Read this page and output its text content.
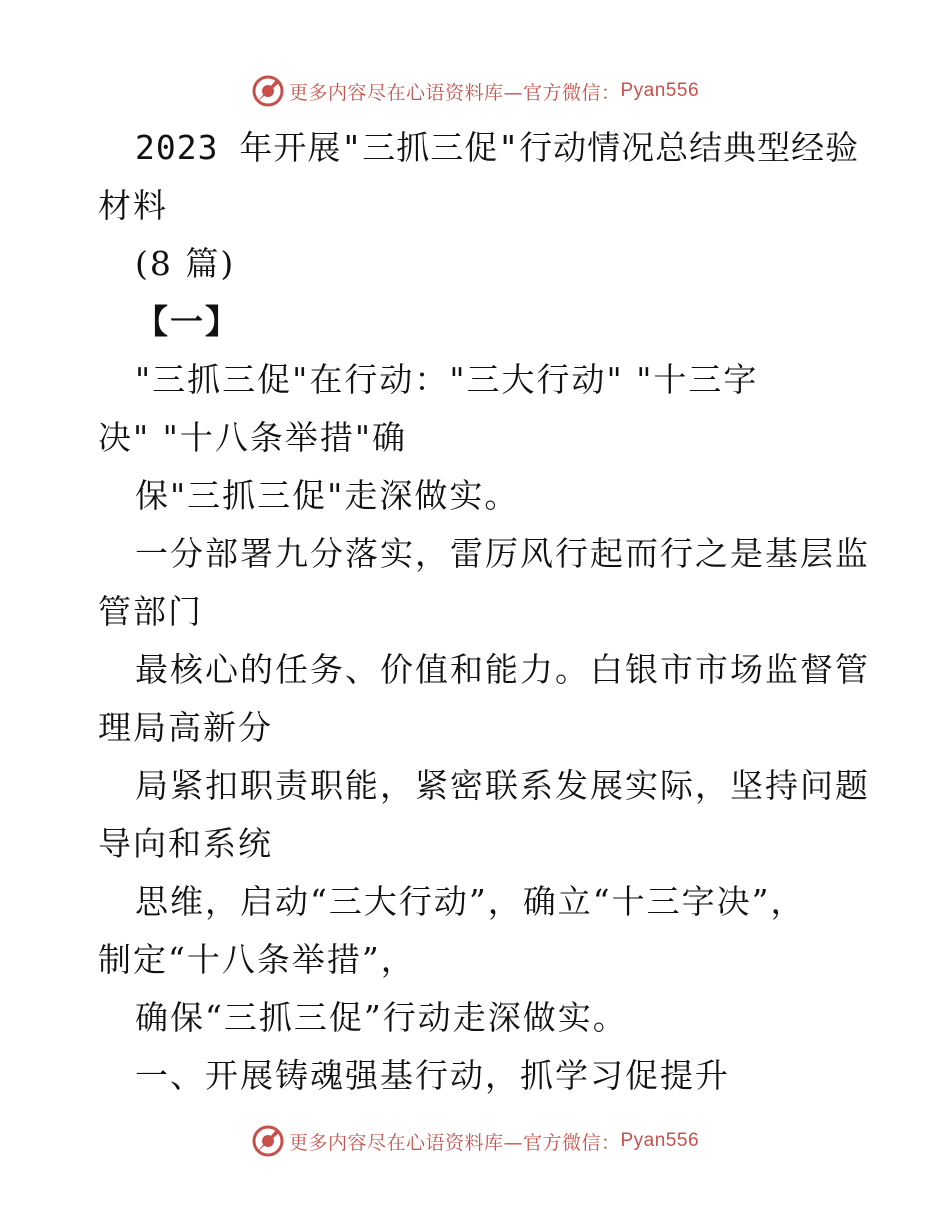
更多内容尽在心语资料库—官方微信： Pyan556
2023 年开展"三抓三促"行动情况总结典型经验
材料
(8 篇)
【一】
"三抓三促"在行动："三大行动" "十三字
决" "十八条举措"确
保"三抓三促"走深做实。
一分部署九分落实，雷厉风行起而行之是基层监
管部门
最核心的任务、价值和能力。白银市市场监督管
理局高新分
局紧扣职责职能，紧密联系发展实际，坚持问题
导向和系统
思维，启动“三大行动”，确立“十三字决”，
制定“十八条举措”，
确保“三抓三促”行动走深做实。
一、开展铸魂强基行动，抓学习促提升
更多内容尽在心语资料库—官方微信： Pyan556
